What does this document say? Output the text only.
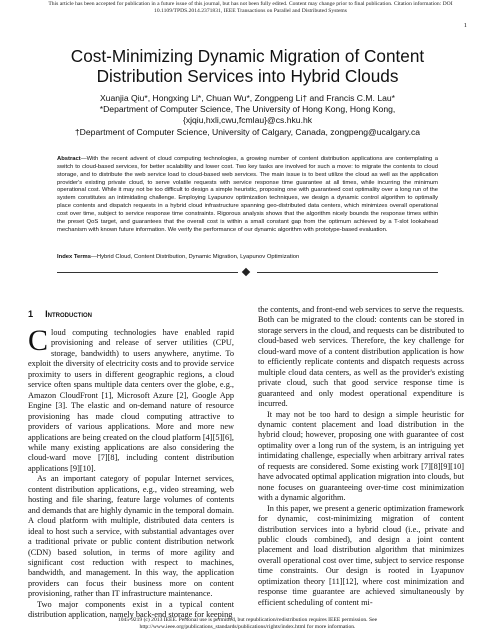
This article has been accepted for publication in a future issue of this journal, but has not been fully edited. Content may change prior to final publication. Citation information: DOI
10.1109/TPDS.2014.2371831, IEEE Transactions on Parallel and Distributed Systems
1
Cost-Minimizing Dynamic Migration of Content
Distribution Services into Hybrid Clouds
Xuanjia Qiu*, Hongxing Li*, Chuan Wu*, Zongpeng Li† and Francis C.M. Lau*
*Department of Computer Science, The University of Hong Kong, Hong Kong,
{xjqiu,hxli,cwu,fcmlau}@cs.hku.hk
†Department of Computer Science, University of Calgary, Canada, zongpeng@ucalgary.ca

Abstract—With the recent advent of cloud computing technologies, a growing number of content distribution applications are contemplating a switch to cloud-based services, for better scalability and lower cost. Two key tasks are involved for such a move: to migrate the contents to cloud storage, and to distribute the web service load to cloud-based web services. The main issue is to best utilize the cloud as well as the application provider's existing private cloud, to serve volatile requests with service response time guarantee at all times, while incurring the minimum operational cost. While it may not be too difficult to design a simple heuristic, proposing one with guaranteed cost optimality over a long run of the system constitutes an intimidating challenge. Employing Lyapunov optimization techniques, we design a dynamic control algorithm to optimally place contents and dispatch requests in a hybrid cloud infrastructure spanning geo-distributed data centers, which minimizes overall operational cost over time, subject to service response time constraints. Rigorous analysis shows that the algorithm nicely bounds the response times within the preset QoS target, and guarantees that the overall cost is within a small constant gap from the optimum achieved by a T-slot lookahead mechanism with known future information. We verify the performance of our dynamic algorithm with prototype-based evaluation.

Index Terms—Hybrid Cloud, Content Distribution, Dynamic Migration, Lyapunov Optimization
1 Introduction

Cloud computing technologies have enabled rapid provisioning and release of server utilities (CPU, storage, bandwidth) to users anywhere, anytime. To exploit the diversity of electricity costs and to provide service proximity to users in different geographic regions, a cloud service often spans multiple data centers over the globe, e.g., Amazon CloudFront [1], Microsoft Azure [2], Google App Engine [3]. The elastic and on-demand nature of resource provisioning has made cloud computing attractive to providers of various applications. More and more new applications are being created on the cloud platform [4][5][6], while many existing applications are also considering the cloud-ward move [7][8], including content distribution applications [9][10].

As an important category of popular Internet services, content distribution applications, e.g., video streaming, web hosting and file sharing, feature large volumes of contents and demands that are highly dynamic in the temporal domain. A cloud platform with multiple, distributed data centers is ideal to host such a service, with substantial advantages over a traditional private or public content distribution network (CDN) based solution, in terms of more agility and significant cost reduction with respect to machines, bandwidth, and management. In this way, the application providers can focus their business more on content provisioning, rather than IT infrastructure maintenance.

Two major components exist in a typical content distribution application, namely back-end storage for keeping

the contents, and front-end web services to serve the requests. Both can be migrated to the cloud: contents can be stored in storage servers in the cloud, and requests can be distributed to cloud-based web services. Therefore, the key challenge for cloud-ward move of a content distribution application is how to efficiently replicate contents and dispatch requests across multiple cloud data centers, as well as the provider's existing private cloud, such that good service response time is guaranteed and only modest operational expenditure is incurred.

It may not be too hard to design a simple heuristic for dynamic content placement and load distribution in the hybrid cloud; however, proposing one with guarantee of cost optimality over a long run of the system, is an intriguing yet intimidating challenge, especially when arbitrary arrival rates of requests are considered. Some existing work [7][8][9][10] have advocated optimal application migration into clouds, but none focuses on guaranteeing over-time cost minimization with a dynamic algorithm.

In this paper, we present a generic optimization framework for dynamic, cost-minimizing migration of content distribution services into a hybrid cloud (i.e., private and public clouds combined), and design a joint content placement and load distribution algorithm that minimizes overall operational cost over time, subject to service response time constraints. Our design is rooted in Lyapunov optimization theory [11][12], where cost minimization and response time guarantee are achieved simultaneously by efficient scheduling of content mi-

1045-9219 (c) 2013 IEEE. Personal use is permitted, but republication/redistribution requires IEEE permission. See
http://www.ieee.org/publications_standards/publications/rights/index.html for more information.
